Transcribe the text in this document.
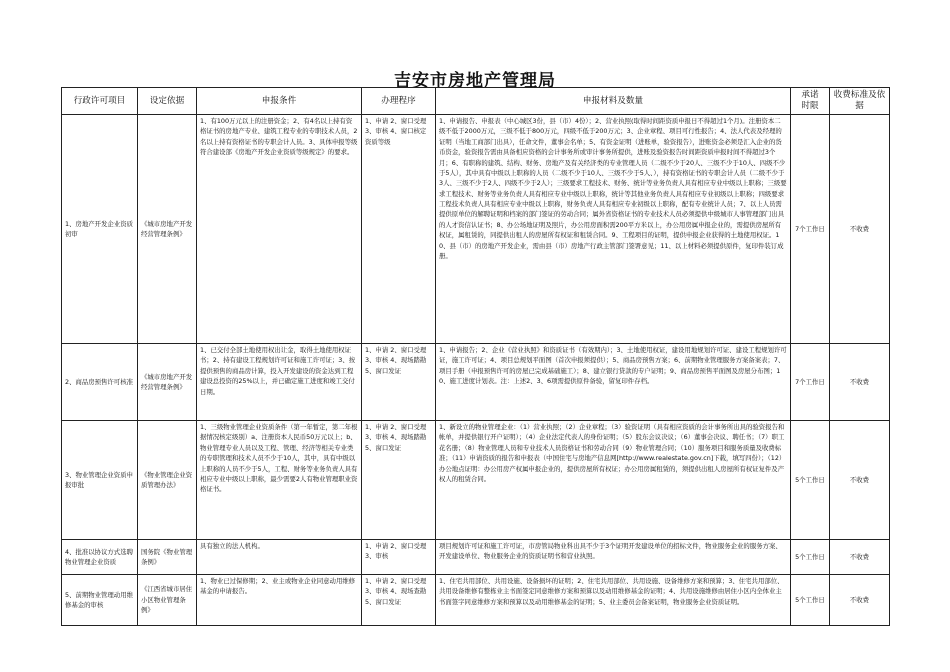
吉安市房地产管理局
行政许可项目	设定依据	申报条件	办理程序	申报材料及数量	承诺时限	收费标准及依据
1、房地产开发企业资质初审	《城市房地产开发经营管理条例》	1、有100万元以上的注册资金；2、有4名以上持有资格证书的房地产专业、建筑工程专业的专职技术人员，2名以上持有资格证书的专职会计人员。3、具体申报等级符合建设部《房地产开发企业资质等级规定》的要求。	1、申请 2、窗口受理 3、审核 4、窗口核定资质等级	1、申请报告、申报表（中心城区3份，县（市）4份）；2、营业执照(取得时间距资质申报日不得超过1个月)。注册资本二级不低于2000万元，三级不低于800万元，四级不低于200万元；3、企业章程、项目可行性报告；4、法人代表及经理的证明（当地工商部门出具），任命文件，董事会名单；5、有资金证明（进账单，验资报告），进账资金必须是汇入企业的货币资金，验资报告需由具备相应资格的会计事务所或审计事务所提供，进账及验资报告时间距资质申报时间不得超过3个月；6、有职称的建筑、结构、财务、房地产及有关经济类的专业管理人员（二级不少于20人、三级不少于10人、四级不少于5人），其中具有中级以上职称的人员（二级不少于10人、三级不少于5人、），持有资格证书的专职会计人员（二级不少于3人、三级不少于2人、四级不少于2人）；三级要求工程技术、财务、统计等业务负责人具有相应专业中级以上职称；三级要求工程技术、财务等业务负责人具有相应专业中级以上职称，统计等其他业务负责人具有相应专业初级以上职称；四级要求工程技术负责人具有相应专业中级以上职称，财务负责人具有相应专业初级以上职称，配有专业统计人员；7、以上人员需提供原单位的解聘证明和档案的部门签证的劳动合同；属外省资格证书的专业技术人员必须提供中级城市人事管理部门出具的人才资信认证书；8、办公场地证明及照片，办公用房面积需200平方米以上，办公用房属申报企业的，需提供房屋所有权证，属租赁的，同提供出租人的房屋所有权证和租赁合同。9、工程项目的证明，提供申报企业获得的土地使用权证。10、县（市）的房地产开发企业，需由县（市）房地产行政主管部门签署意见；11、以上材料必须提供原件，复印件装订成册。	7个工作日	不收费
2、商品房预售许可核准	《城市房地产开发经营管理条例》	1、已交付全部土地使用权出让金，取得土地使用权证书；2、持有建设工程规划许可证和施工许可证；3、按提供预售的商品房计算，投入开发建设的资金达到工程建设总投资的25%以上，并已确定施工进度和竣工交付日期。	1、申请 2、窗口受理 3、审核 4、现场踏勘 5、窗口发证	1、申请报告；2、企业《营业执照》和资质证书（有效期内）；3、土地使用权证，建设用地规划许可证、建设工程规划许可证，施工许可证；4、项目总规划平面图（首次申报须提供）；5、商品房预售方案；6、前期物业管理服务方案备案表；7、项目手册（申报预售许可的房屋已完成基础施工）；8、建立银行贷款的专户证明；9、商品房预售平面图及房屋分布图；10、施工进度计划表。注：上述2、3、6项需提供原件备验，留复印件存档。	7个工作日	不收费
3、物业管理企业资质申报审批	《物业管理企业资质管理办法》	1、三级物业管理企业资质条件（第一年暂定，第二年根据情况核定级别）a、注册资本人民币50万元以上；b、物业管理专业人员以及工程、管理、经济等相关专业类的专职管理和技术人员不少于10人，其中，具有中级以上职称的人员不少于5人，工程、财务等业务负责人具有相应专业中级以上职称，最少需要2人有物业管理职业资格证书。	1、申请 2、窗口受理 3、审核 4、现场踏勘 5、窗口发证	1、新设立的物业管理企业：（1）营业执照；（2）企业章程；（3）验资证明（具有相应资质的会计事务所出具的验资报告和帐单，并提供银行开户证明）；（4）企业法定代表人的身份证明；（5）股东会议决议；（6）董事会决议、聘任书；（7）职工花名册；（8）物业管理人员和专业技术人员资格证书和劳动合同（9）物业管理合同；（10）服务项目和服务质量及收费标准；（11）申请资质的报告和申报表（中国住宅与房地产信息网[http://www.realestate.gov.cn]下载，填写四份）；（12）办公地点证明：办公用房产权属申报企业的，提供房屋所有权证；办公用房属租赁的，须提供出租人房屋所有权证复件及产权人的租赁合同。	5个工作日	不收费
4、批准以协议方式选聘物业管理企业资质	国务院《物业管理条例》	具有独立的法人机构。	1、申请 2、窗口受理 3、审核	项目规划许可证和施工许可证，市房管局物业科出具不少于3个证明开发建设单位的招标文件，物业服务企业的服务方案、开发建设单位、物业服务企业的资质证明书和营业执照。	5个工作日	不收费
5、前期物业管理动用维修基金的审核	《江西省城市居住小区物业管理条例》	1、物业已过保修期；2、业主或物业企业同意动用维修基金的申请报告。	1、申请 2、窗口受理 3、审核 4、现场查勘 5、窗口发证	1、住宅共用部位、共用设施、设备损坏的证明；2、住宅共用部位、共用设施、设备维修方案和预算；3、住宅共用部位、共用设备维修有整栋业主书面签定同意维修方案和预算以及动用维修基金的证明；4、共用设施维修由居住小区内全体业主书面签字同意维修方案和预算以及动用维修基金的证明；5、业主委员会备案证明，物业服务企业资质证明。	5个工作日	不收费
